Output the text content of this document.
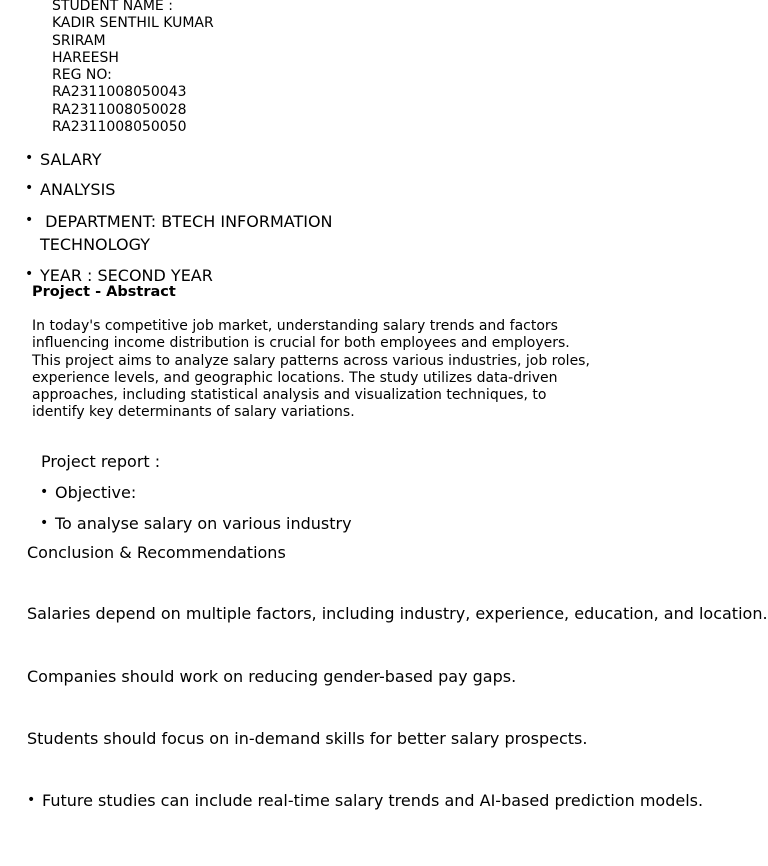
STUDENT NAME :
KADIR SENTHIL KUMAR
SRIRAM
HAREESH
REG NO:
RA2311008050043
RA2311008050028
RA2311008050050
• SALARY
• ANALYSIS
• DEPARTMENT: BTECH INFORMATION TECHNOLOGY
• YEAR : SECOND YEAR
Project - Abstract
In today's competitive job market, understanding salary trends and factors influencing income distribution is crucial for both employees and employers. This project aims to analyze salary patterns across various industries, job roles, experience levels, and geographic locations. The study utilizes data-driven approaches, including statistical analysis and visualization techniques, to identify key determinants of salary variations.
Project report :
• Objective:
• To analyse salary on various industry
Conclusion & Recommendations
Salaries depend on multiple factors, including industry, experience, education, and location.
Companies should work on reducing gender-based pay gaps.
Students should focus on in-demand skills for better salary prospects.
• Future studies can include real-time salary trends and AI-based prediction models.
